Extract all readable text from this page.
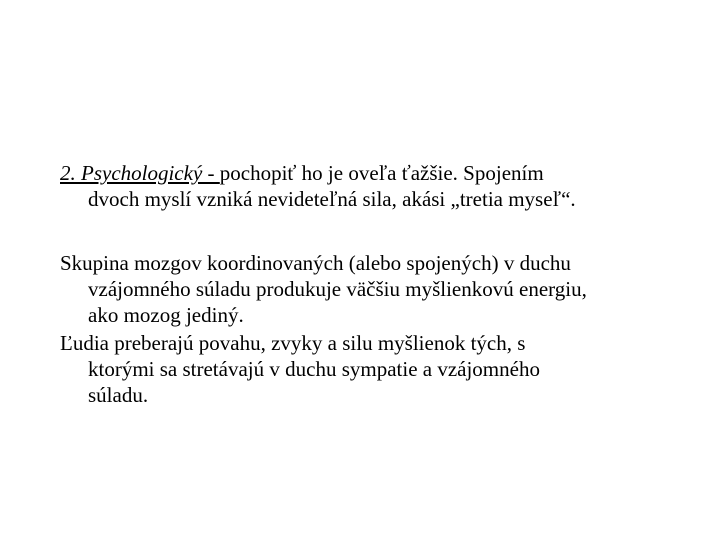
2. Psychologický - pochopiť ho je oveľa ťažšie. Spojením
dvoch myslí vzniká nevideteľná sila, akási „tretia myseľ“.

Skupina mozgov koordinovaných (alebo spojených) v duchu
vzájomného súladu produkuje väčšiu myšlienkovú energiu,
ako mozog jediný.

Ľudia preberajú povahu, zvyky a silu myšlienok tých, s
ktorými sa stretávajú v duchu sympatie a vzájomného
súladu.
